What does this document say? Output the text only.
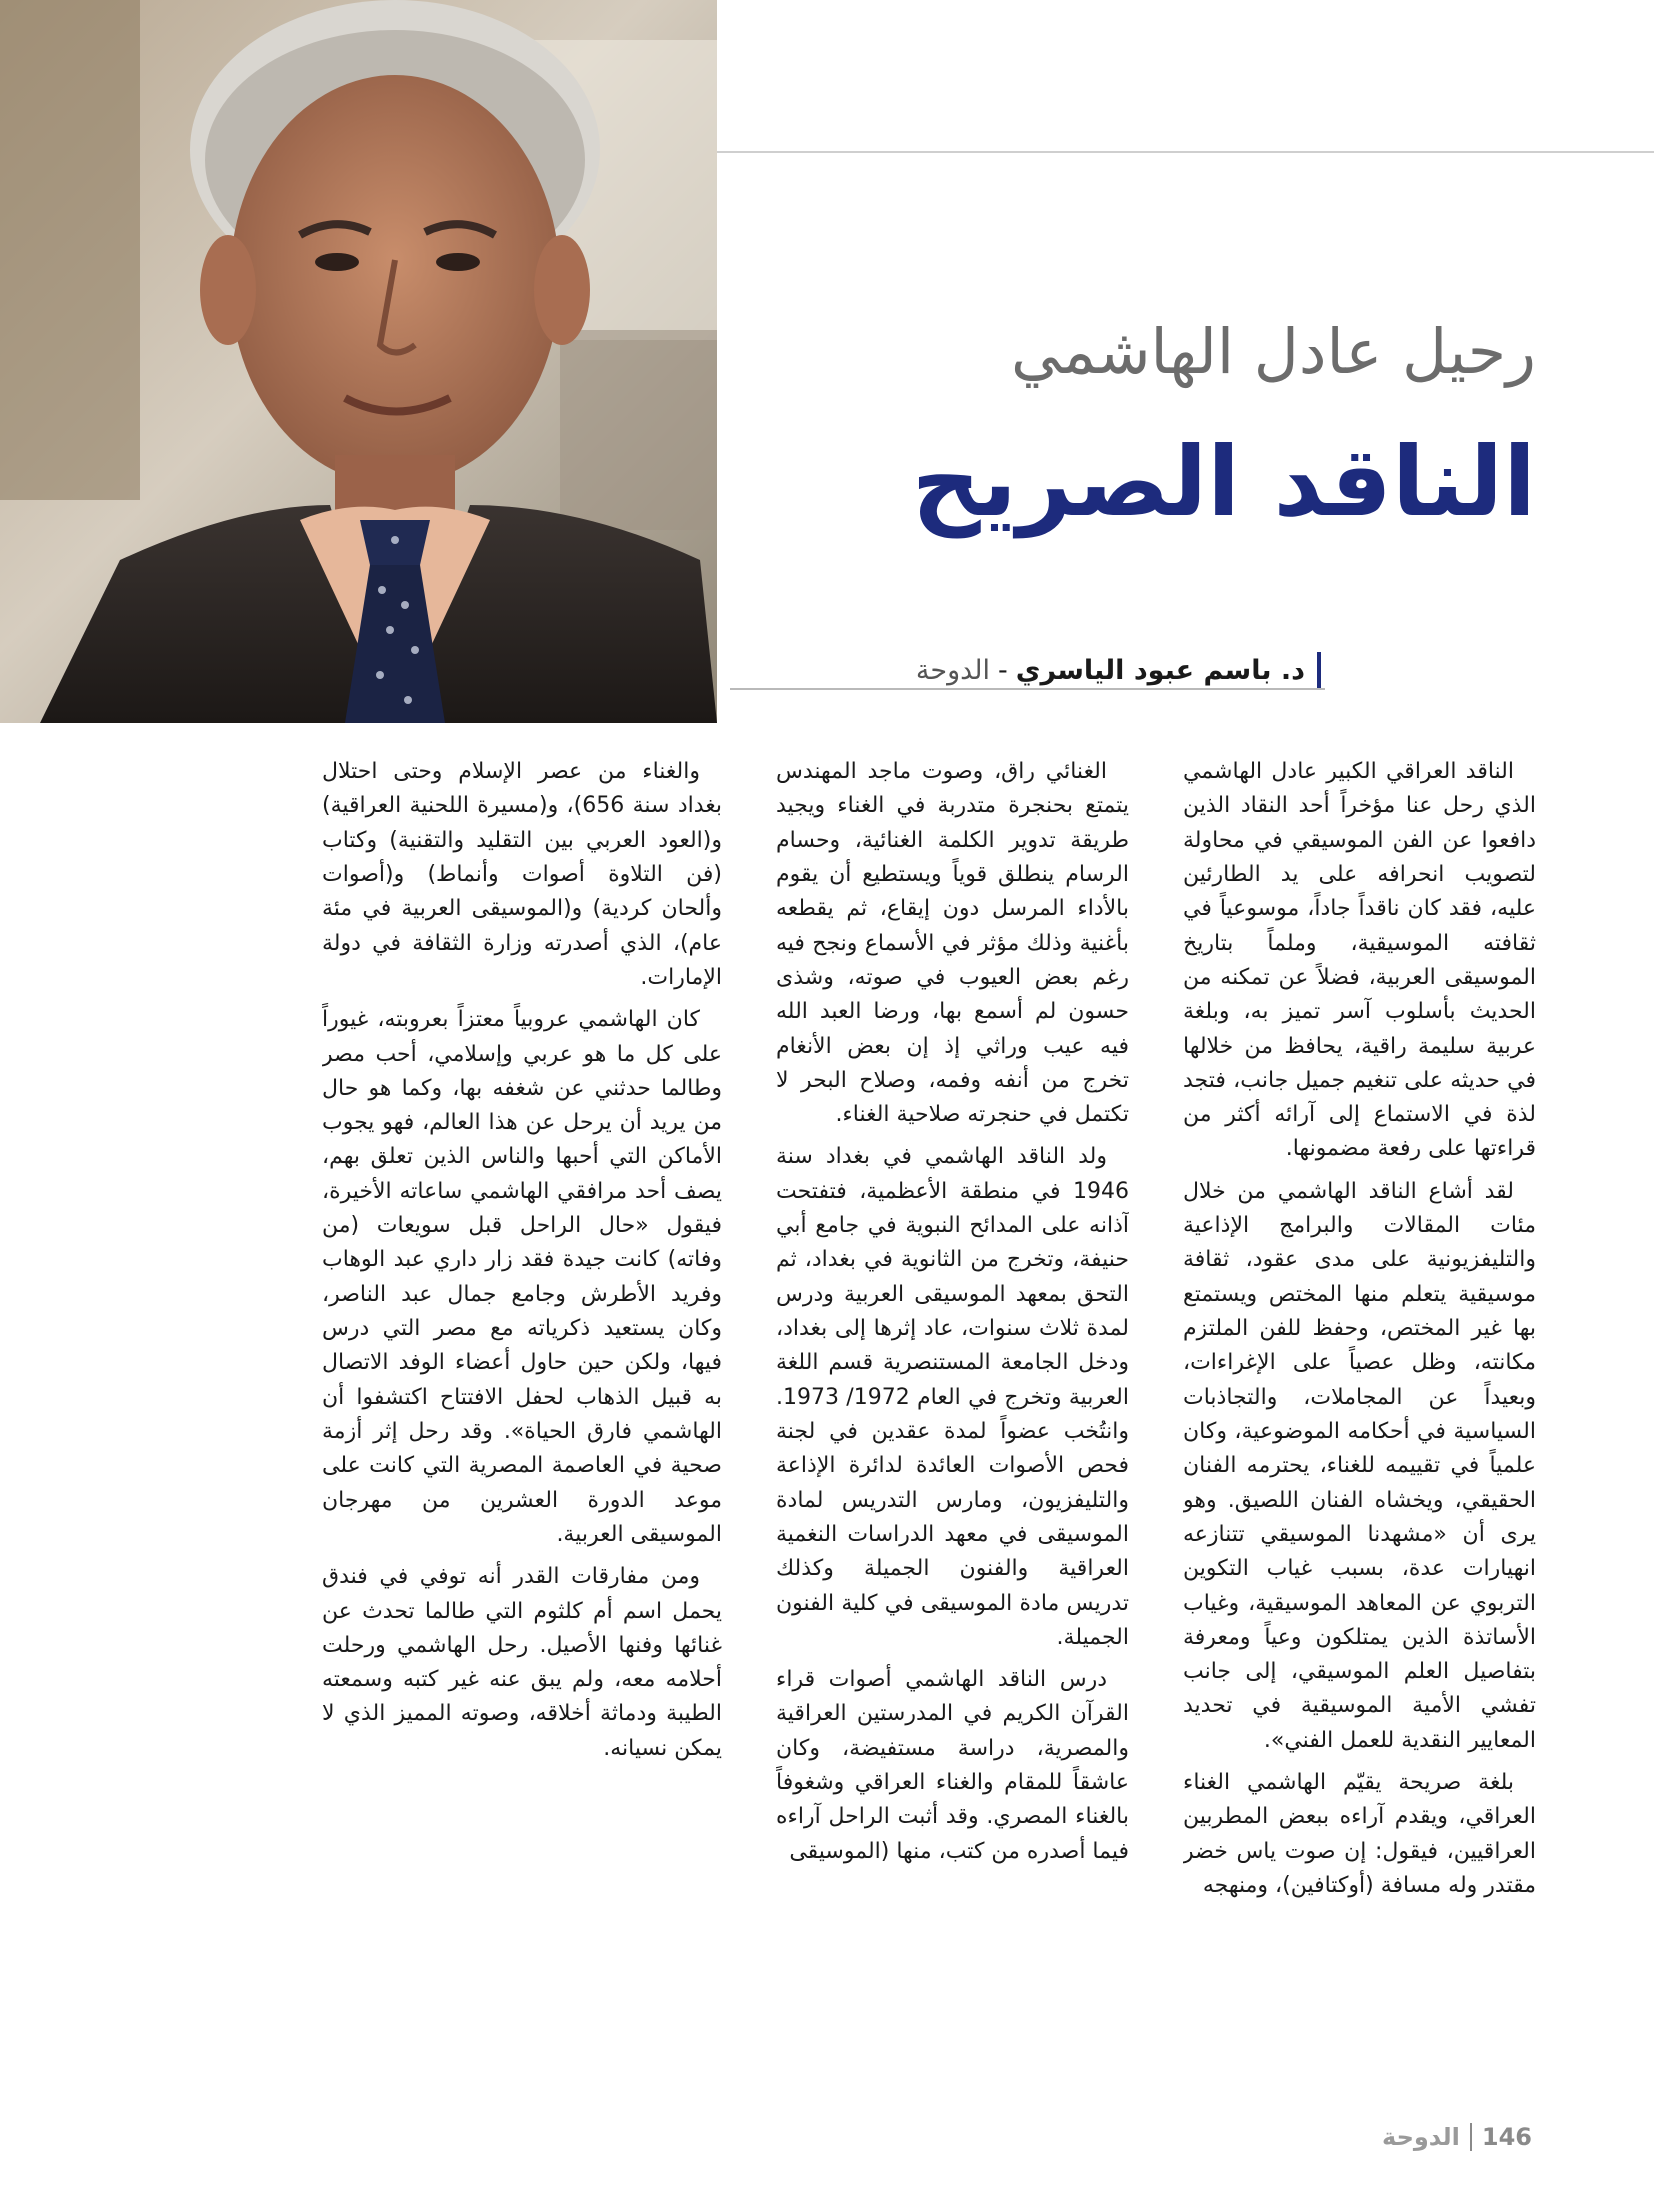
رحيل عادل الهاشمي
الناقد الصريح
د. باسم عبود الياسري
-
الدوحة

الناقد العراقي الكبير عادل الهاشمي الذي رحل عنا مؤخراً أحد النقاد الذين دافعوا عن الفن الموسيقي في محاولة لتصويب انحرافه على يد الطارئين عليه، فقد كان ناقداً جاداً، موسوعياً في ثقافته الموسيقية، وملماً بتاريخ الموسيقى العربية، فضلاً عن تمكنه من الحديث بأسلوب آسر تميز به، وبلغة عربية سليمة راقية، يحافظ من خلالها في حديثه على تنغيم جميل جانب، فتجد لذة في الاستماع إلى آرائه أكثر من قراءتها على رفعة مضمونها.

لقد أشاع الناقد الهاشمي من خلال مئات المقالات والبرامج الإذاعية والتليفزيونية على مدى عقود، ثقافة موسيقية يتعلم منها المختص ويستمتع بها غير المختص، وحفظ للفن الملتزم مكانته، وظل عصياً على الإغراءات، وبعيداً عن المجاملات، والتجاذبات السياسية في أحكامه الموضوعية، وكان علمياً في تقييمه للغناء، يحترمه الفنان الحقيقي، ويخشاه الفنان اللصيق. وهو يرى أن «مشهدنا الموسيقي تتنازعه انهيارات عدة، بسبب غياب التكوين التربوي عن المعاهد الموسيقية، وغياب الأساتذة الذين يمتلكون وعياً ومعرفة بتفاصيل العلم الموسيقي، إلى جانب تفشي الأمية الموسيقية في تحديد المعايير النقدية للعمل الفني».

بلغة صريحة يقيّم الهاشمي الغناء العراقي، ويقدم آراءه ببعض المطربين العراقيين، فيقول: إن صوت ياس خضر مقتدر وله مسافة (أوكتافين)، ومنهجه

الغنائي راق، وصوت ماجد المهندس يتمتع بحنجرة متدربة في الغناء ويجيد طريقة تدوير الكلمة الغنائية، وحسام الرسام ينطلق قوياً ويستطيع أن يقوم بالأداء المرسل دون إيقاع، ثم يقطعه بأغنية وذلك مؤثر في الأسماع ونجح فيه رغم بعض العيوب في صوته، وشذى حسون لم أسمع بها، ورضا العبد الله فيه عيب وراثي إذ إن بعض الأنغام تخرج من أنفه وفمه، وصلاح البحر لا تكتمل في حنجرته صلاحية الغناء.

ولد الناقد الهاشمي في بغداد سنة 1946 في منطقة الأعظمية، فتفتحت آذانه على المدائح النبوية في جامع أبي حنيفة، وتخرج من الثانوية في بغداد، ثم التحق بمعهد الموسيقى العربية ودرس لمدة ثلاث سنوات، عاد إثرها إلى بغداد، ودخل الجامعة المستنصرية قسم اللغة العربية وتخرج في العام 1972/ 1973. وانتُخب عضواً لمدة عقدين في لجنة فحص الأصوات العائدة لدائرة الإذاعة والتليفزيون، ومارس التدريس لمادة الموسيقى في معهد الدراسات النغمية العراقية والفنون الجميلة وكذلك تدريس مادة الموسيقى في كلية الفنون الجميلة.

درس الناقد الهاشمي أصوات قراء القرآن الكريم في المدرستين العراقية والمصرية، دراسة مستفيضة، وكان عاشقاً للمقام والغناء العراقي وشغوفاً بالغناء المصري. وقد أثبت الراحل آراءه فيما أصدره من كتب، منها (الموسيقى

والغناء من عصر الإسلام وحتى احتلال بغداد سنة 656)، و(مسيرة اللحنية العراقية) و(العود العربي بين التقليد والتقنية) وكتاب (فن التلاوة أصوات وأنماط) و(أصوات وألحان كردية) و(الموسيقى العربية في مئة عام)، الذي أصدرته وزارة الثقافة في دولة الإمارات.

كان الهاشمي عروبياً معتزاً بعروبته، غيوراً على كل ما هو عربي وإسلامي، أحب مصر وطالما حدثني عن شغفه بها، وكما هو حال من يريد أن يرحل عن هذا العالم، فهو يجوب الأماكن التي أحبها والناس الذين تعلق بهم، يصف أحد مرافقي الهاشمي ساعاته الأخيرة، فيقول «حال الراحل قبل سويعات (من وفاته) كانت جيدة فقد زار داري عبد الوهاب وفريد الأطرش وجامع جمال عبد الناصر، وكان يستعيد ذكرياته مع مصر التي درس فيها، ولكن حين حاول أعضاء الوفد الاتصال به قبيل الذهاب لحفل الافتتاح اكتشفوا أن الهاشمي فارق الحياة». وقد رحل إثر أزمة صحية في العاصمة المصرية التي كانت على موعد الدورة العشرين من مهرجان الموسيقى العربية.

ومن مفارقات القدر أنه توفي في فندق يحمل اسم أم كلثوم التي طالما تحدث عن غنائها وفنها الأصيل. رحل الهاشمي ورحلت أحلامه معه، ولم يبق عنه غير كتبه وسمعته الطيبة ودماثة أخلاقه، وصوته المميز الذي لا يمكن نسيانه.

146
الدوحة
